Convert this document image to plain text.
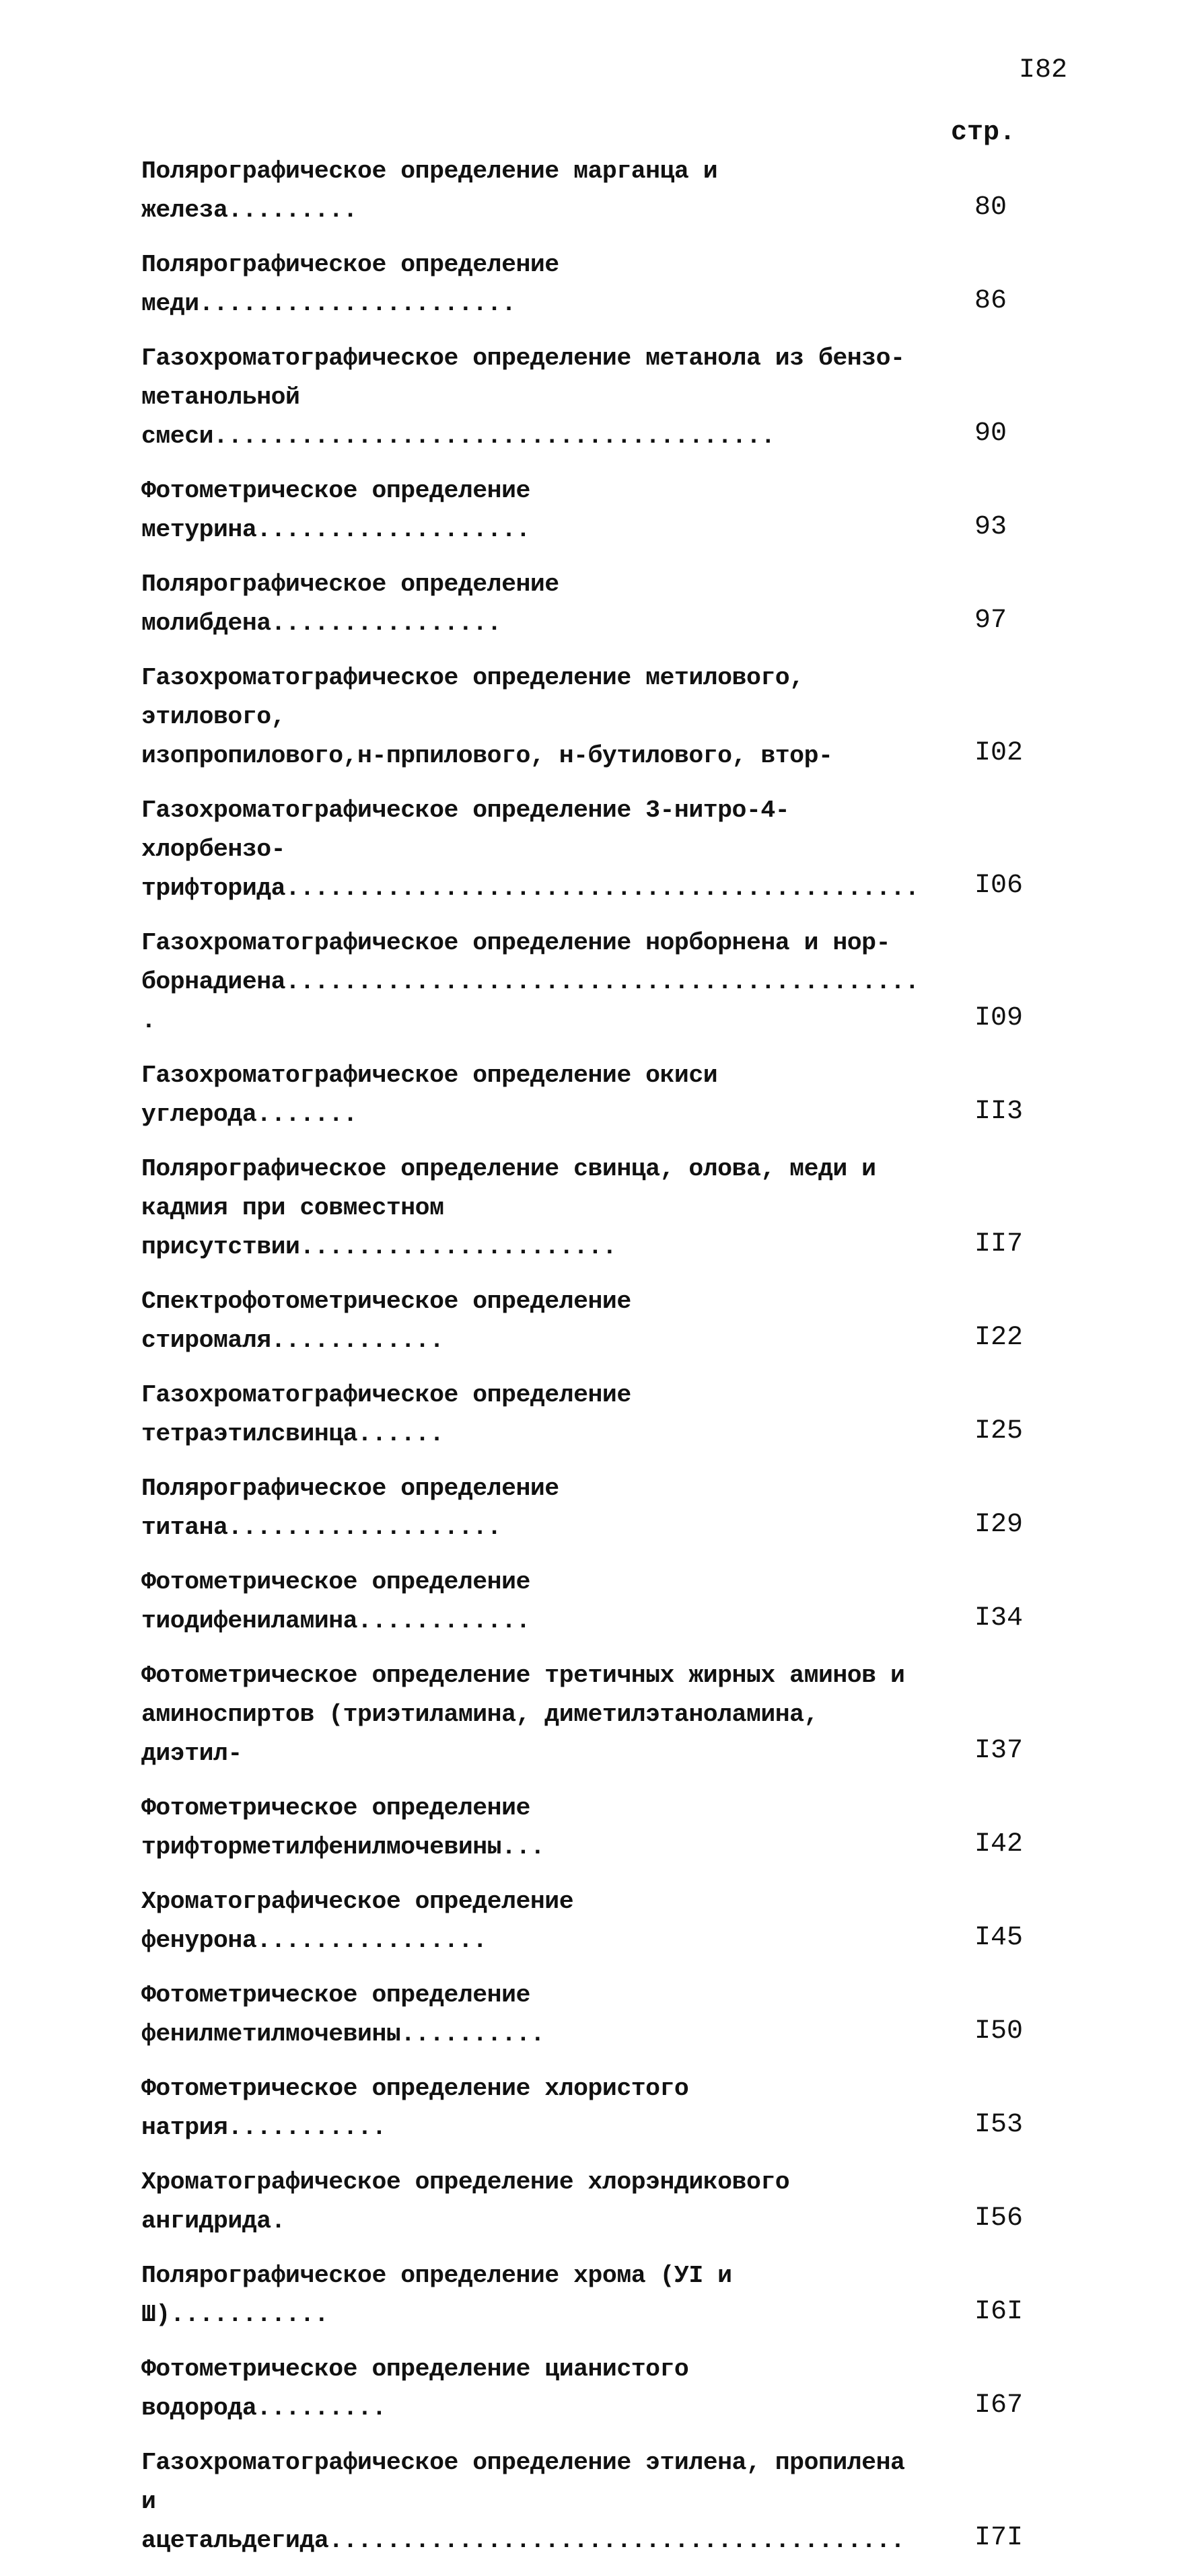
I82
стр.
Полярографическое определение марганца и железа.........	80
Полярографическое определение меди......................	86
Газохроматографическое определение метанола из бензо-
метанольной смеси.......................................	90
Фотометрическое определение метурина...................	93
Полярографическое определение молибдена................	97
Газохроматографическое определение метилового, этилового,
изопропилового,н-прпилового, н-бутилового, втор-
	I02
Газохроматографическое определение 3-нитро-4-хлорбензо-
трифторида............................................	I06
Газохроматографическое определение норборнена и нор-
борнадиена.............................................	I09
Газохроматографическое определение окиси углерода.......	II3
Полярографическое определение свинца, олова, меди и
кадмия при совместном присутствии......................	II7
Спектрофотометрическое определение стиромаля............	I22
Газохроматографическое определение тетраэтилсвинца......	I25
Полярографическое определение титана...................	I29
Фотометрическое определение тиодифениламина............	I34
Фотометрическое определение третичных жирных аминов и
aминоспиртов (триэтиламина, диметилэтаноламина, диэтил-
	I37
Фотометрическое определение трифторметилфенилмочевины...	I42
Хроматографическое определение фенурона................	I45
Фотометрическое определение фенилметилмочевины..........	I50
Фотометрическое определение хлористого натрия...........	I53
Хроматографическое определение хлорэндикового ангидрида.	I56
Полярографическое определение хрома (УI и Ш)...........	I6I
Фотометрическое определение цианистого водорода.........	I67
Газохроматографическое определение этилена, пропилена
и ацетальдегида........................................	I7I
